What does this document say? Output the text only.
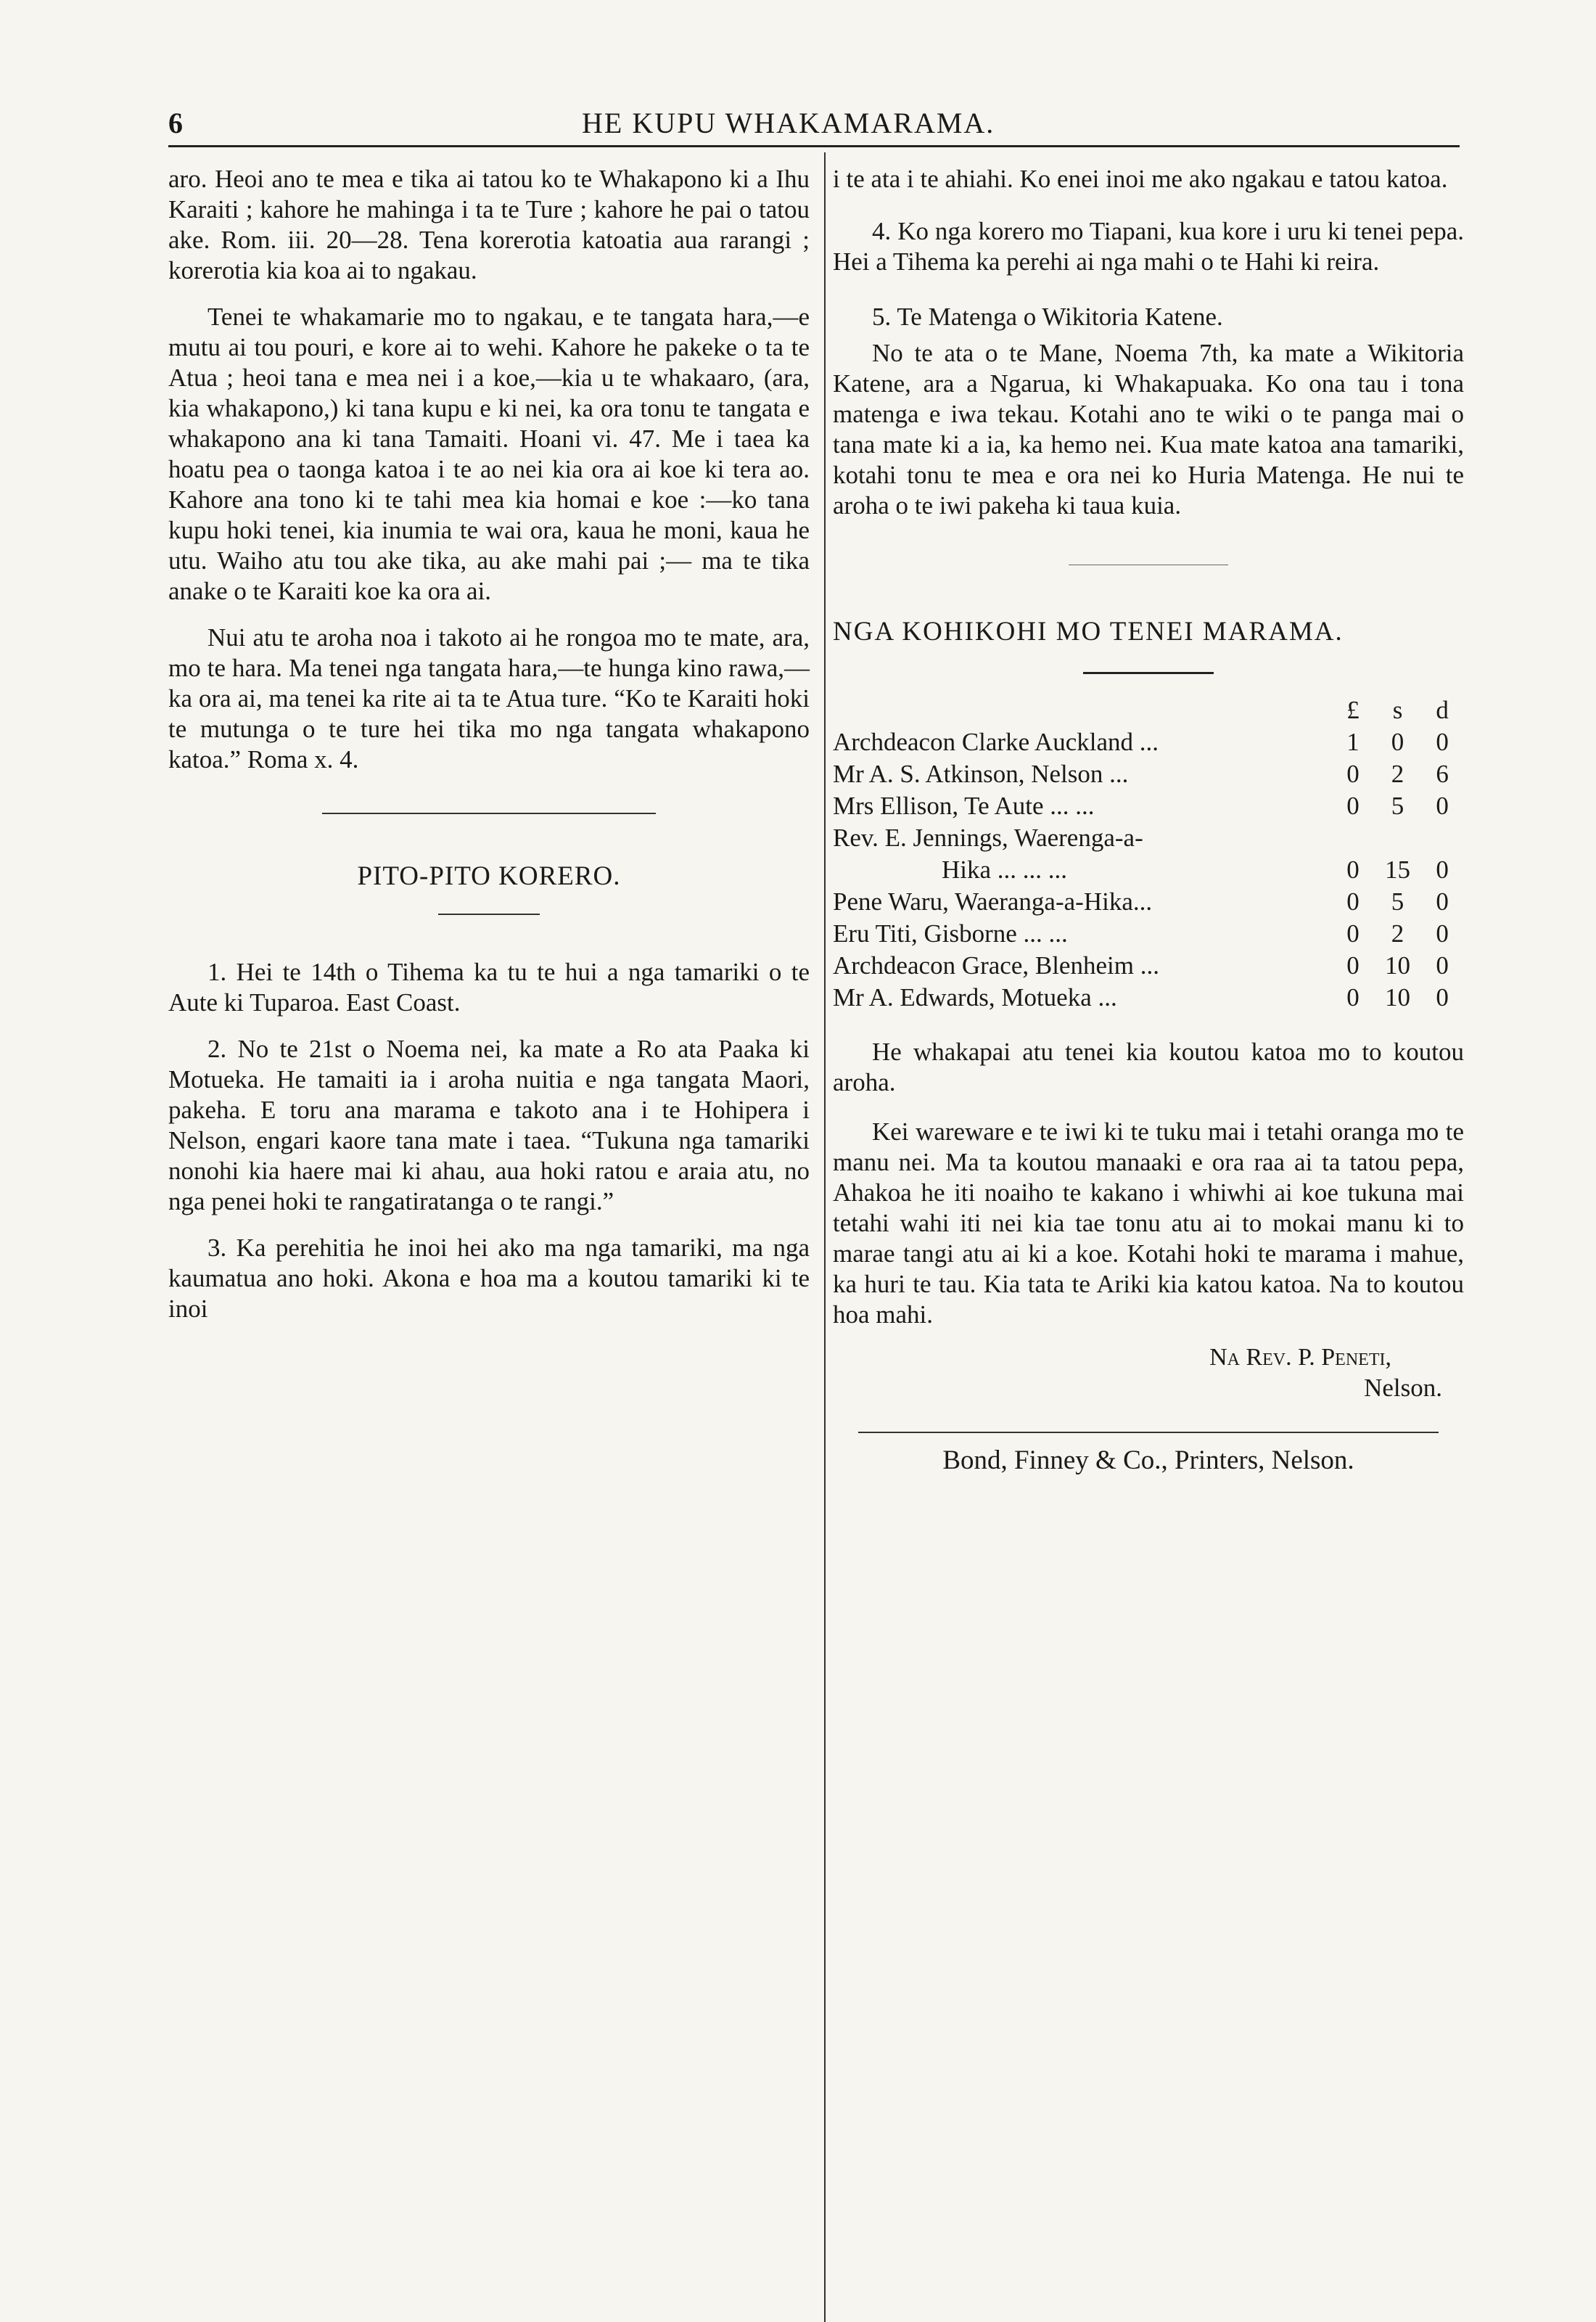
6	HE KUPU WHAKAMARAMA.

aro. Heoi ano te mea e tika ai tatou ko te Whakapono ki a Ihu Karaiti ; kahore he mahinga i ta te Ture ; kahore he pai o tatou ake. Rom. iii. 20—28. Tena korerotia katoatia aua rarangi ; korerotia kia koa ai to ngakau.

Tenei te whakamarie mo to ngakau, e te tangata hara,—e mutu ai tou pouri, e kore ai to wehi. Kahore he pakeke o ta te Atua ; heoi tana e mea nei i a koe,—kia u te whakaaro, (ara, kia whakapono,) ki tana kupu e ki nei, ka ora tonu te tangata e whakapono ana ki tana Tamaiti. Hoani vi. 47. Me i taea ka hoatu pea o taonga katoa i te ao nei kia ora ai koe ki tera ao. Kahore ana tono ki te tahi mea kia homai e koe :—ko tana kupu hoki tenei, kia inumia te wai ora, kaua he moni, kaua he utu. Waiho atu tou ake tika, au ake mahi pai ;— ma te tika anake o te Karaiti koe ka ora ai.

Nui atu te aroha noa i takoto ai he rongoa mo te mate, ara, mo te hara. Ma tenei nga tangata hara,—te hunga kino rawa,—ka ora ai, ma tenei ka rite ai ta te Atua ture. “Ko te Karaiti hoki te mutunga o te ture hei tika mo nga tangata whakapono katoa.” Roma x. 4.

PITO-PITO KORERO.

1. Hei te 14th o Tihema ka tu te hui a nga tamariki o te Aute ki Tuparoa. East Coast.

2. No te 21st o Noema nei, ka mate a Ro ata Paaka ki Motueka. He tamaiti ia i aroha nuitia e nga tangata Maori, pakeha. E toru ana marama e takoto ana i te Hohipera i Nelson, engari kaore tana mate i taea. “Tukuna nga tamariki nonohi kia haere mai ki ahau, aua hoki ratou e araia atu, no nga penei hoki te rangatiratanga o te rangi.”

3. Ka perehitia he inoi hei ako ma nga tamariki, ma nga kaumatua ano hoki. Akona e hoa ma a koutou tamariki ki te inoi

i te ata i te ahiahi. Ko enei inoi me ako ngakau e tatou katoa.

4. Ko nga korero mo Tiapani, kua kore i uru ki tenei pepa. Hei a Tihema ka perehi ai nga mahi o te Hahi ki reira.

5. Te Matenga o Wikitoria Katene.

No te ata o te Mane, Noema 7th, ka mate a Wikitoria Katene, ara a Ngarua, ki Whakapuaka. Ko ona tau i tona matenga e iwa tekau. Kotahi ano te wiki o te panga mai o tana mate ki a ia, ka hemo nei. Kua mate katoa ana tamariki, kotahi tonu te mea e ora nei ko Huria Matenga. He nui te aroha o te iwi pakeha ki taua kuia.

NGA KOHIKOHI MO TENEI MARAMA.
	£	s	d
Archdeacon Clarke Auckland ...	1	0	0
Mr A. S. Atkinson, Nelson ...	0	2	6
Mrs Ellison, Te Aute ... ...	0	5	0
Rev. E. Jennings, Waerenga-a-			
Hika ... ... ...	0	15	0
Pene Waru, Waeranga-a-Hika...	0	5	0
Eru Titi, Gisborne ... ...	0	2	0
Archdeacon Grace, Blenheim ...	0	10	0
Mr A. Edwards, Motueka ...	0	10	0

He whakapai atu tenei kia koutou katoa mo to koutou aroha.

Kei wareware e te iwi ki te tuku mai i tetahi oranga mo te manu nei. Ma ta koutou manaaki e ora raa ai ta tatou pepa, Ahakoa he iti noaiho te kakano i whiwhi ai koe tukuna mai tetahi wahi iti nei kia tae tonu atu ai to mokai manu ki to marae tangi atu ai ki a koe. Kotahi hoki te marama i mahue, ka huri te tau. Kia tata te Ariki kia katou katoa. Na to koutou hoa mahi.

Na Rev. P. Peneti,
Nelson.
Bond, Finney & Co., Printers, Nelson.
